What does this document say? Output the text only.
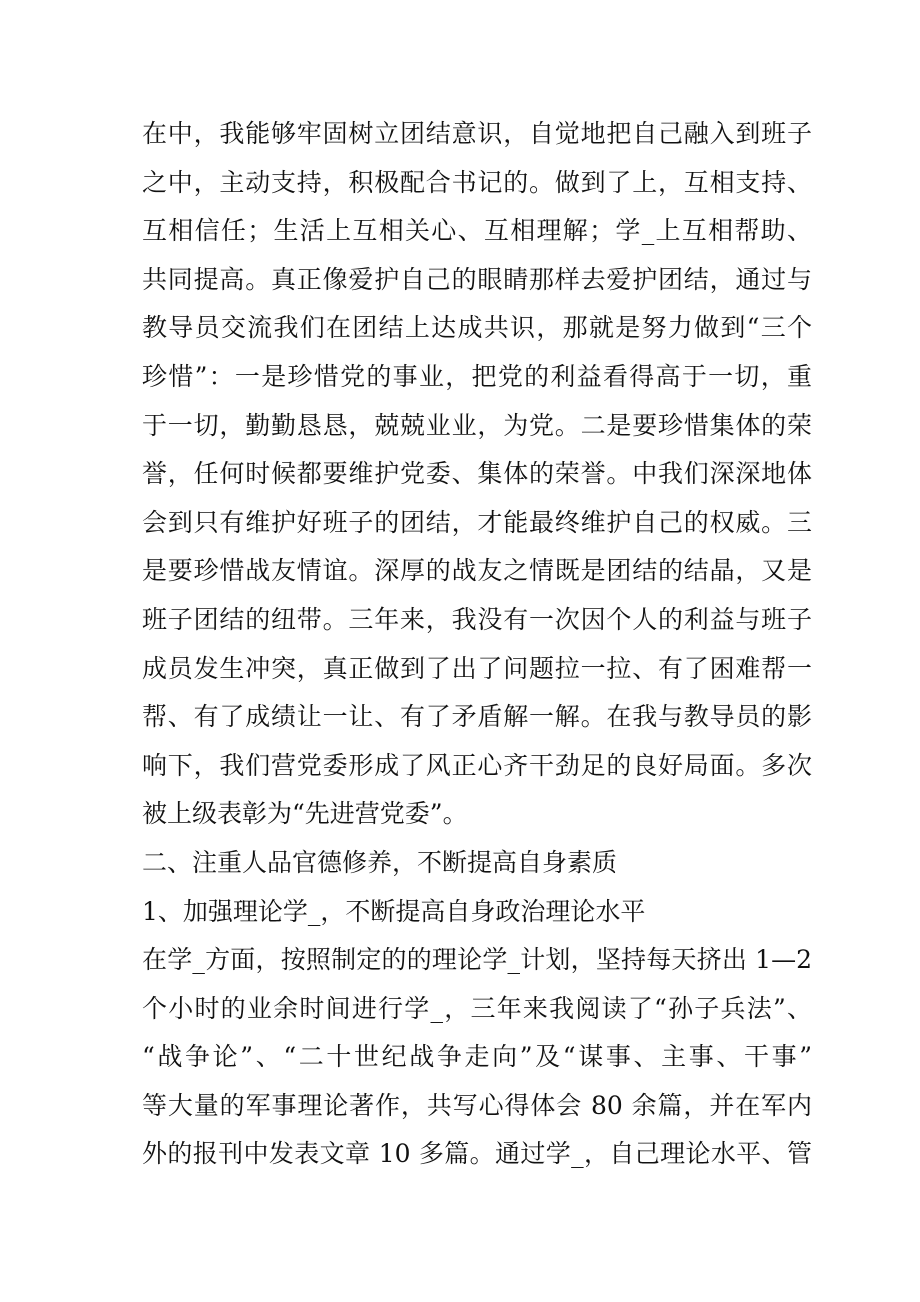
在中，我能够牢固树立团结意识，自觉地把自己融入到班子
之中，主动支持，积极配合书记的。做到了上，互相支持、
互相信任；生活上互相关心、互相理解；学_上互相帮助、
共同提高。真正像爱护自己的眼睛那样去爱护团结，通过与
教导员交流我们在团结上达成共识，那就是努力做到“三个
珍惜”：一是珍惜党的事业，把党的利益看得高于一切，重
于一切，勤勤恳恳，兢兢业业，为党。二是要珍惜集体的荣
誉，任何时候都要维护党委、集体的荣誉。中我们深深地体
会到只有维护好班子的团结，才能最终维护自己的权威。三
是要珍惜战友情谊。深厚的战友之情既是团结的结晶，又是
班子团结的纽带。三年来，我没有一次因个人的利益与班子
成员发生冲突，真正做到了出了问题拉一拉、有了困难帮一
帮、有了成绩让一让、有了矛盾解一解。在我与教导员的影
响下，我们营党委形成了风正心齐干劲足的良好局面。多次
被上级表彰为“先进营党委”。
二、注重人品官德修养，不断提高自身素质
1、加强理论学_，不断提高自身政治理论水平
在学_方面，按照制定的的理论学_计划，坚持每天挤出 1—2
个小时的业余时间进行学_，三年来我阅读了“孙子兵法”、
“战争论”、“二十世纪战争走向”及“谋事、主事、干事”
等大量的军事理论著作，共写心得体会 80 余篇，并在军内
外的报刊中发表文章 10 多篇。通过学_，自己理论水平、管
